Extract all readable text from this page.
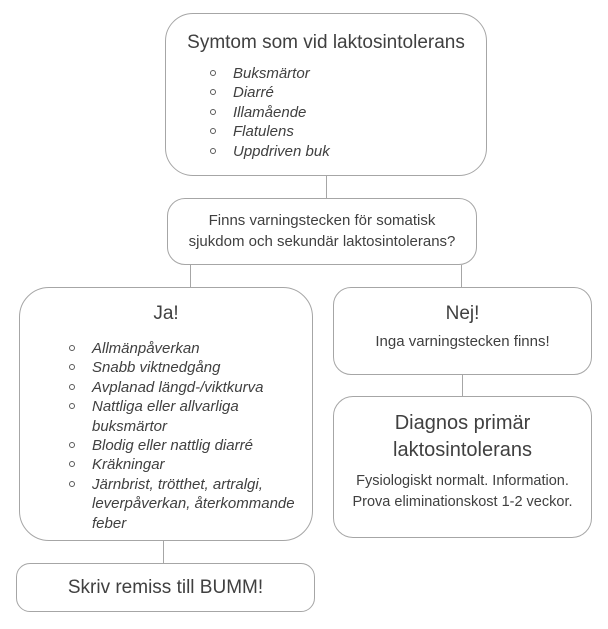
Symtom som vid laktosintolerans
Buksmärtor
Diarré
Illamående
Flatulens
Uppdriven buk
Finns varningstecken för somatisk
sjukdom och sekundär laktosintolerans?
Ja!
Allmänpåverkan
Snabb viktnedgång
Avplanad längd-/viktkurva
Nattliga eller allvarliga buksmärtor
Blodig eller nattlig diarré
Kräkningar
Järnbrist, trötthet, artralgi, leverpåverkan, återkommande feber
Nej!
Inga varningstecken finns!
Diagnos primär
laktosintolerans
Fysiologiskt normalt. Information.
Prova eliminationskost 1-2 veckor.
Skriv remiss till BUMM!
